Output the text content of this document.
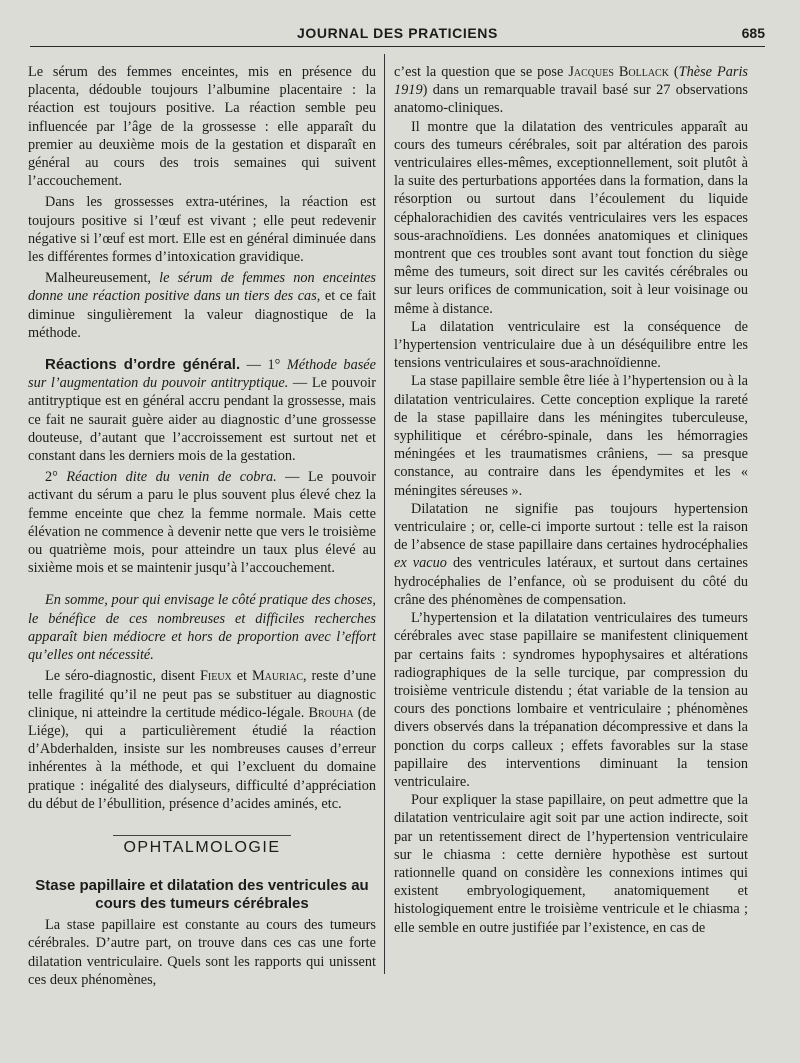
JOURNAL DES PRATICIENS	685

Le sérum des femmes enceintes, mis en présence du placenta, dédouble toujours l’albumine placentaire : la réaction est toujours positive. La réaction semble peu influencée par l’âge de la grossesse : elle apparaît du premier au deuxième mois de la gestation et disparaît en général au cours des trois semaines qui suivent l’accouchement.

Dans les grossesses extra-utérines, la réaction est toujours positive si l’œuf est vivant ; elle peut redevenir négative si l’œuf est mort. Elle est en général diminuée dans les différentes formes d’intoxication gravidique.

Malheureusement, le sérum de femmes non enceintes donne une réaction positive dans un tiers des cas, et ce fait diminue singulièrement la valeur diagnostique de la méthode.

Réactions d’ordre général. — 1° Méthode basée sur l’augmentation du pouvoir antitryptique. — Le pouvoir antitryptique est en général accru pendant la grossesse, mais ce fait ne saurait guère aider au diagnostic d’une grossesse douteuse, d’autant que l’accroissement est surtout net et constant dans les derniers mois de la gestation.

2° Réaction dite du venin de cobra. — Le pouvoir activant du sérum a paru le plus souvent plus élevé chez la femme enceinte que chez la femme normale. Mais cette élévation ne commence à devenir nette que vers le troisième ou quatrième mois, pour atteindre un taux plus élevé au sixième mois et se maintenir jusqu’à l’accouchement.

En somme, pour qui envisage le côté pratique des choses, le bénéfice de ces nombreuses et difficiles recherches apparaît bien médiocre et hors de proportion avec l’effort qu’elles ont nécessité.

Le séro-diagnostic, disent Fieux et Mauriac, reste d’une telle fragilité qu’il ne peut pas se substituer au diagnostic clinique, ni atteindre la certitude médico-légale. Brouha (de Liége), qui a particulièrement étudié la réaction d’Abderhalden, insiste sur les nombreuses causes d’erreur inhérentes à la méthode, et qui l’excluent du domaine pratique : inégalité des dialyseurs, difficulté d’appréciation du début de l’ébullition, présence d’acides aminés, etc.

OPHTALMOLOGIE
Stase papillaire et dilatation des ventricules au cours des tumeurs cérébrales

La stase papillaire est constante au cours des tumeurs cérébrales. D’autre part, on trouve dans ces cas une forte dilatation ventriculaire. Quels sont les rapports qui unissent ces deux phénomènes,

c’est la question que se pose Jacques Bollack (Thèse Paris 1919) dans un remarquable travail basé sur 27 observations anatomo-cliniques.

Il montre que la dilatation des ventricules apparaît au cours des tumeurs cérébrales, soit par altération des parois ventriculaires elles-mêmes, exceptionnellement, soit plutôt à la suite des perturbations apportées dans la formation, dans la résorption ou surtout dans l’écoulement du liquide céphalorachidien des cavités ventriculaires vers les espaces sous-arachnoïdiens. Les données anatomiques et cliniques montrent que ces troubles sont avant tout fonction du siège même des tumeurs, soit direct sur les cavités cérébrales ou sur leurs orifices de communication, soit à leur voisinage ou même à distance.

La dilatation ventriculaire est la conséquence de l’hypertension ventriculaire due à un déséquilibre entre les tensions ventriculaires et sous-arachnoïdienne.

La stase papillaire semble être liée à l’hypertension ou à la dilatation ventriculaires. Cette conception explique la rareté de la stase papillaire dans les méningites tuberculeuse, syphilitique et cérébro-spinale, dans les hémorragies méningées et les traumatismes crâniens, — sa presque constance, au contraire dans les épendymites et les « méningites séreuses ».

Dilatation ne signifie pas toujours hypertension ventriculaire ; or, celle-ci importe surtout : telle est la raison de l’absence de stase papillaire dans certaines hydrocéphalies ex vacuo des ventricules latéraux, et surtout dans certaines hydrocéphalies de l’enfance, où se produisent du côté du crâne des phénomènes de compensation.

L’hypertension et la dilatation ventriculaires des tumeurs cérébrales avec stase papillaire se manifestent cliniquement par certains faits : syndromes hypophysaires et altérations radiographiques de la selle turcique, par compression du troisième ventricule distendu ; état variable de la tension au cours des ponctions lombaire et ventriculaire ; phénomènes divers observés dans la trépanation décompressive et dans la ponction du corps calleux ; effets favorables sur la stase papillaire des interventions diminuant la tension ventriculaire.

Pour expliquer la stase papillaire, on peut admettre que la dilatation ventriculaire agit soit par une action indirecte, soit par un retentissement direct de l’hypertension ventriculaire sur le chiasma : cette dernière hypothèse est surtout rationnelle quand on considère les connexions intimes qui existent embryologiquement, anatomiquement et histologiquement entre le troisième ventricule et le chiasma ; elle semble en outre justifiée par l’existence, en cas de
